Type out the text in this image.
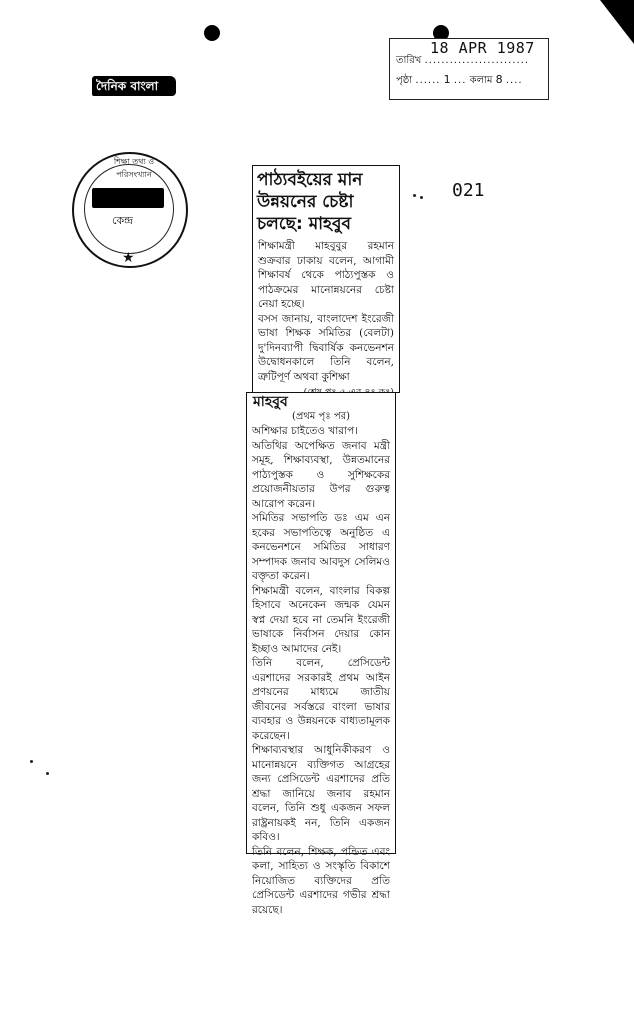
18 APR 1987
তারিখ .........................
পৃষ্ঠা ...... 1 ... কলাম 8 ....
দৈনিক বাংলা
শিক্ষা তথ্য ও পরিসংখ্যান
কেন্দ্র
★
021
পাঠ্যবইয়ের মান উন্নয়নের চেষ্টা চলছে: মাহবুব
শিক্ষামন্ত্রী মাহবুবুর রহমান শুক্রবার ঢাকায় বলেন, আগামী শিক্ষাবর্ষ থেকে পাঠ্যপুস্তক ও পাঠক্রমের মানোন্নয়নের চেষ্টা নেয়া হচ্ছে।
বসস জানায়, বাংলাদেশ ইংরেজী ভাষা শিক্ষক সমিতির (বেলটা) দু'দিনব্যাপী দ্বিবার্ষিক কনভেনশন উদ্বোধনকালে তিনি বলেন, ত্রুটিপূর্ণ অথবা কুশিক্ষা
মাহবুব
(প্রথম পৃঃ পর)
অশিক্ষার চাইতেও খারাপ।
অতিথির অপেক্ষিত জনাব মন্ত্রী সমূহ, শিক্ষাব্যবস্থা, উন্নতমানের পাঠ্যপুস্তক ও সুশিক্ষকের প্রয়োজনীয়তার উপর গুরুত্ব আরোপ করেন।
সমিতির সভাপতি ডঃ এম এন হকের সভাপতিত্বে অনুষ্ঠিত এ কনভেনশনে সমিতির সাধারণ সম্পাদক জনাব আবদুস সেলিমও বক্তৃতা করেন।
শিক্ষামন্ত্রী বলেন, বাংলার বিকল্প হিসাবে অনেকেন জন্মক যেমন স্বপ্ন দেয়া হবে না তেমনি ইংরেজী ভাষাকে নির্বাসন দেয়ার কোন ইচ্ছাও আমাদের নেই।
তিনি বলেন, প্রেসিডেন্ট এরশাদের সরকারই প্রথম আইন প্রণয়নের মাধ্যমে জাতীয় জীবনের সর্বস্তরে বাংলা ভাষার ব্যবহার ও উন্নয়নকে বাধ্যতামূলক করেছেন।
শিক্ষাব্যবস্থার আধুনিকীকরণ ও মানোন্নয়নে ব্যক্তিগত আগ্রহের জন্য প্রেসিডেন্ট এরশাদের প্রতি শ্রদ্ধা জানিয়ে জনাব রহমান বলেন, তিনি শুধু একজন সফল রাষ্ট্রনায়কই নন, তিনি একজন কবিও।
তিনি বলেন, শিক্ষক, পন্ডিত এবং কলা, সাহিত্য ও সংস্কৃতি বিকাশে নিয়োজিত ব্যক্তিদের প্রতি প্রেসিডেন্ট এরশাদের গভীর শ্রদ্ধা রয়েছে।
